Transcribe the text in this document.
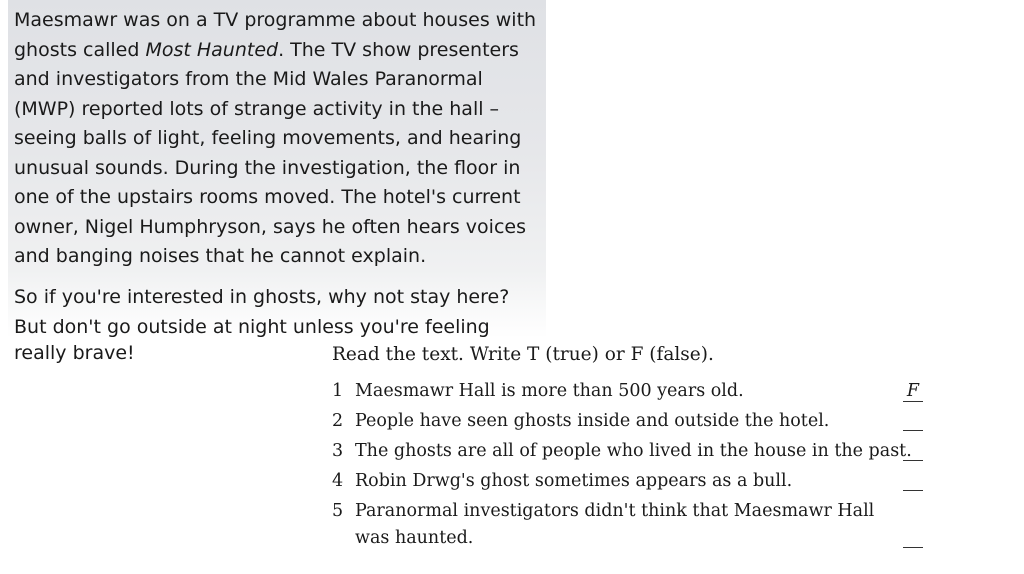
Maesmawr was on a TV programme about houses with
ghosts called Most Haunted. The TV show presenters
and investigators from the Mid Wales Paranormal
(MWP) reported lots of strange activity in the hall –
seeing balls of light, feeling movements, and hearing
unusual sounds. During the investigation, the floor in
one of the upstairs rooms moved. The hotel's current
owner, Nigel Humphryson, says he often hears voices
and banging noises that he cannot explain.
So if you're interested in ghosts, why not stay here?
But don't go outside at night unless you're feeling
really brave!	Read the text. Write T (true) or F (false).
1 Maesmawr Hall is more than 500 years old.	F
2 People have seen ghosts inside and outside the hotel.
3 The ghosts are all of people who lived in the house in the past.
4 Robin Drwg's ghost sometimes appears as a bull.
5 Paranormal investigators didn't think that Maesmawr Hall
was haunted.
